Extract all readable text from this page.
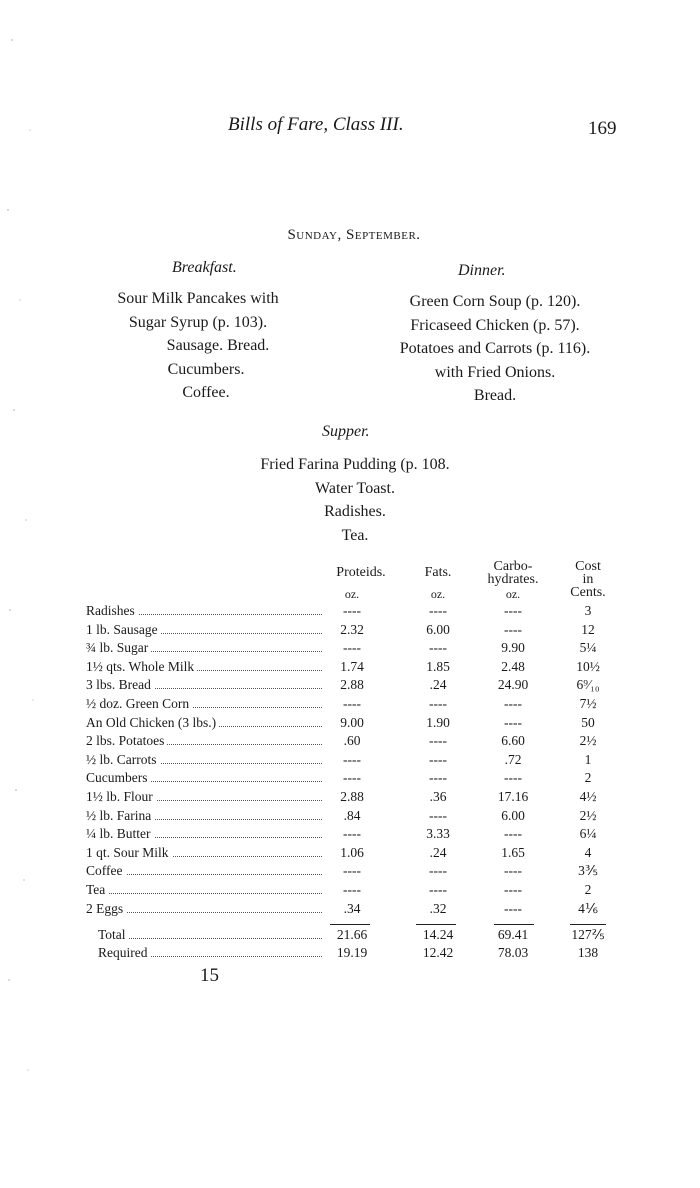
Bills of Fare, Class III.	169
Sunday, September.
Breakfast.	Dinner.
Sour Milk Pancakes with
Sugar Syrup (p. 103).
Sausage. Bread.
Cucumbers.
Coffee.
Green Corn Soup (p. 120).
Fricaseed Chicken (p. 57).
Potatoes and Carrots (p. 116).
with Fried Onions.
Bread.
Supper.
Fried Farina Pudding (p. 108.
Water Toast.
Radishes.
Tea.
Proteids.	Fats.	Carbo-
hydrates.
Cost
in
Cents.
oz.	oz.	oz.
Radishes	----	----	----	3
1 lb. Sausage	2.32	6.00	----	12
¾ lb. Sugar	----	----	9.90	5¼
1½ qts. Whole Milk	1.74	1.85	2.48	10½
3 lbs. Bread	2.88	.24	24.90	6⁹⁄₁₀
½ doz. Green Corn	----	----	----	7½
An Old Chicken (3 lbs.)	9.00	1.90	----	50
2 lbs. Potatoes	.60	----	6.60	2½
½ lb. Carrots	----	----	.72	1
Cucumbers	----	----	----	2
1½ lb. Flour	2.88	.36	17.16	4½
½ lb. Farina	.84	----	6.00	2½
¼ lb. Butter	----	3.33	----	6¼
1 qt. Sour Milk	1.06	.24	1.65	4
Coffee	----	----	----	3⅗
Tea	----	----	----	2
2 Eggs	.34	.32	----	4⅙
Total	21.66	14.24	69.41	127⅖
Required	19.19	12.42	78.03	138
15
